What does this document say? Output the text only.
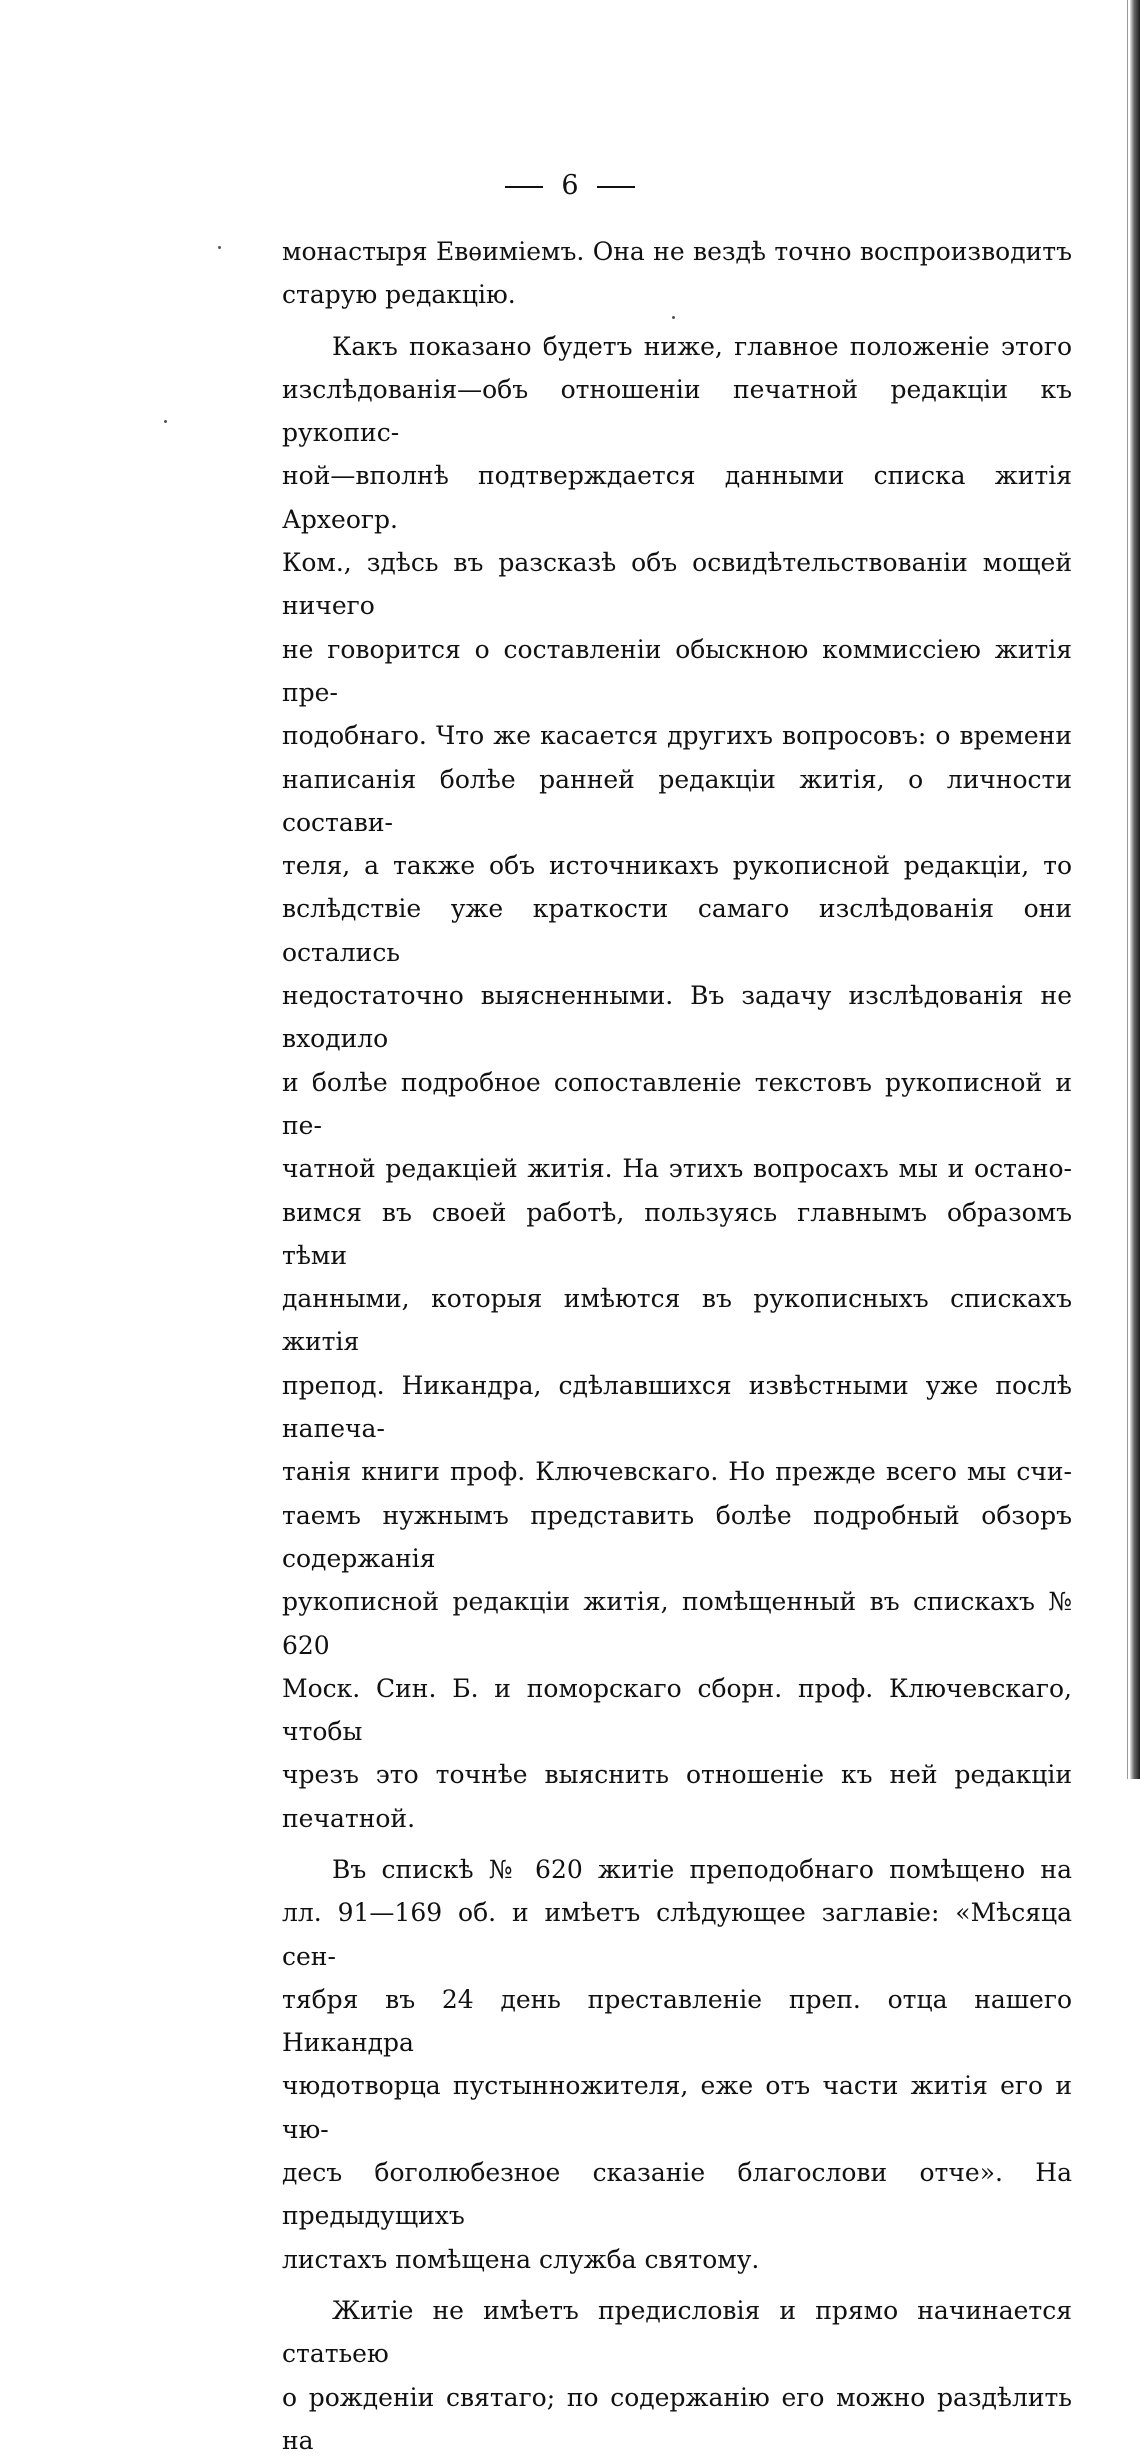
6

монастыря Евѳиміемъ. Она не вездѣ точно воспроизводитъ

старую редакцію.

Какъ показано будетъ ниже, главное положеніе этого

изслѣдованія—объ отношеніи печатной редакціи къ рукопис-

ной—вполнѣ подтверждается данными списка житія Археогр.

Ком., здѣсь въ разсказѣ объ освидѣтельствованіи мощей ничего

не говорится о составленіи обыскною коммиссіею житія пре-

подобнаго. Что же касается другихъ вопросовъ: о времени

написанія болѣе ранней редакціи житія, о личности состави-

теля, а также объ источникахъ рукописной редакціи, то

вслѣдствіе уже краткости самаго изслѣдованія они остались

недостаточно выясненными. Въ задачу изслѣдованія не входило

и болѣе подробное сопоставленіе текстовъ рукописной и пе-

чатной редакціей житія. На этихъ вопросахъ мы и остано-

вимся въ своей работѣ, пользуясь главнымъ образомъ тѣми

данными, которыя имѣются въ рукописныхъ спискахъ житія

препод. Никандра, сдѣлавшихся извѣстными уже послѣ напеча-

танія книги проф. Ключевскаго. Но прежде всего мы счи-

таемъ нужнымъ представить болѣе подробный обзоръ содержанія

рукописной редакціи житія, помѣщенный въ спискахъ № 620

Моск. Син. Б. и поморскаго сборн. проф. Ключевскаго, чтобы

чрезъ это точнѣе выяснить отношеніе къ ней редакціи печатной.

Въ спискѣ № 620 житіе преподобнаго помѣщено на

лл. 91—169 об. и имѣетъ слѣдующее заглавіе: «Мѣсяца сен-

тября въ 24 день преставленіе преп. отца нашего Никандра

чюдотворца пустынножителя, еже отъ части житія его и чю-

десъ боголюбезное сказаніе благослови отче». На предыдущихъ

листахъ помѣщена служба святому.

Житіе не имѣетъ предисловія и прямо начинается статьею

о рожденіи святаго; по содержанію его можно раздѣлить на
